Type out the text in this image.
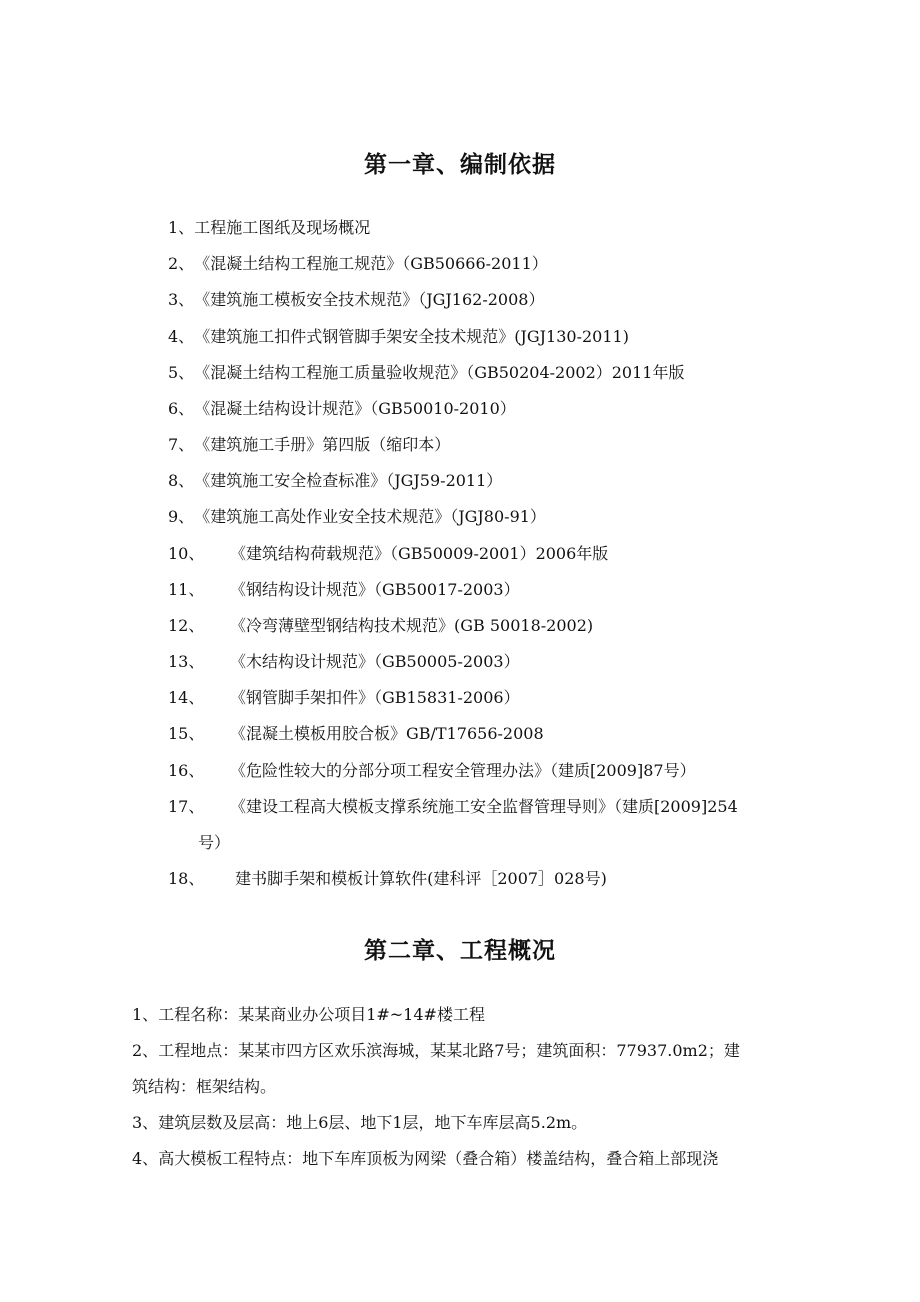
第一章、编制依据
1、工程施工图纸及现场概况
2、《混凝土结构工程施工规范》（GB50666-2011）
3、《建筑施工模板安全技术规范》（JGJ162-2008）
4、《建筑施工扣件式钢管脚手架安全技术规范》(JGJ130-2011)
5、《混凝土结构工程施工质量验收规范》（GB50204-2002）2011年版
6、《混凝土结构设计规范》（GB50010-2010）
7、《建筑施工手册》第四版（缩印本）
8、《建筑施工安全检查标准》（JGJ59-2011）
9、《建筑施工高处作业安全技术规范》（JGJ80-91）
10、 《建筑结构荷载规范》（GB50009-2001）2006年版
11、 《钢结构设计规范》（GB50017-2003）
12、 《冷弯薄壁型钢结构技术规范》(GB 50018-2002)
13、 《木结构设计规范》（GB50005-2003）
14、 《钢管脚手架扣件》（GB15831-2006）
15、 《混凝土模板用胶合板》GB/T17656-2008
16、 《危险性较大的分部分项工程安全管理办法》（建质[2009]87号）
17、 《建设工程高大模板支撑系统施工安全监督管理导则》（建质[2009]254
号）
18、 建书脚手架和模板计算软件(建科评［2007］028号)
第二章、工程概况
1、工程名称：某某商业办公项目1#~14#楼工程
2、工程地点：某某市四方区欢乐滨海城，某某北路7号；建筑面积：77937.0m2；建
筑结构：框架结构。
3、建筑层数及层高：地上6层、地下1层，地下车库层高5.2m。
4、高大模板工程特点：地下车库顶板为网梁（叠合箱）楼盖结构，叠合箱上部现浇
